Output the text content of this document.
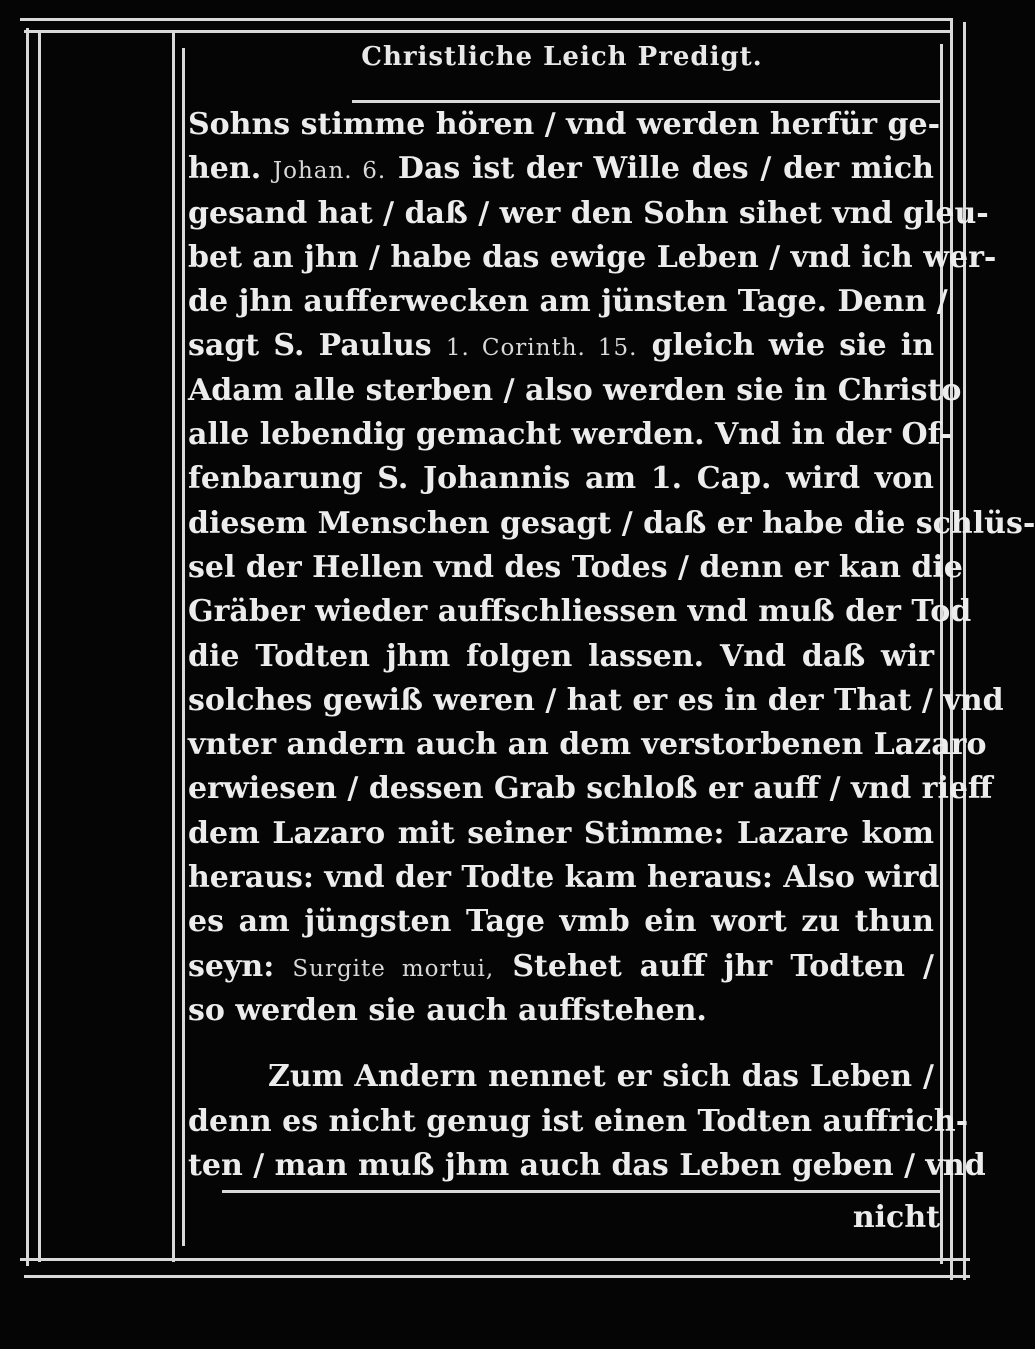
Christliche Leich Predigt.
Sohns stimme hören / vnd werden herfür ge-
hen. Johan. 6. Das ist der Wille des / der mich
gesand hat / daß / wer den Sohn sihet vnd gleu-
bet an jhn / habe das ewige Leben / vnd ich wer-
de jhn aufferwecken am jünsten Tage. Denn /
sagt S. Paulus 1. Corinth. 15. gleich wie sie in
Adam alle sterben / also werden sie in Christo
alle lebendig gemacht werden. Vnd in der Of-
fenbarung S. Johannis am 1. Cap. wird von
diesem Menschen gesagt / daß er habe die schlüs-
sel der Hellen vnd des Todes / denn er kan die
Gräber wieder auffschliessen vnd muß der Tod
die Todten jhm folgen lassen. Vnd daß wir
solches gewiß weren / hat er es in der That / vnd
vnter andern auch an dem verstorbenen Lazaro
erwiesen / dessen Grab schloß er auff / vnd rieff
dem Lazaro mit seiner Stimme: Lazare kom
heraus: vnd der Todte kam heraus: Also wird
es am jüngsten Tage vmb ein wort zu thun
seyn: Surgite mortui, Stehet auff jhr Todten /
so werden sie auch auffstehen.
Zum Andern nennet er sich das Leben /
denn es nicht genug ist einen Todten auffrich-
ten / man muß jhm auch das Leben geben / vnd
nicht
